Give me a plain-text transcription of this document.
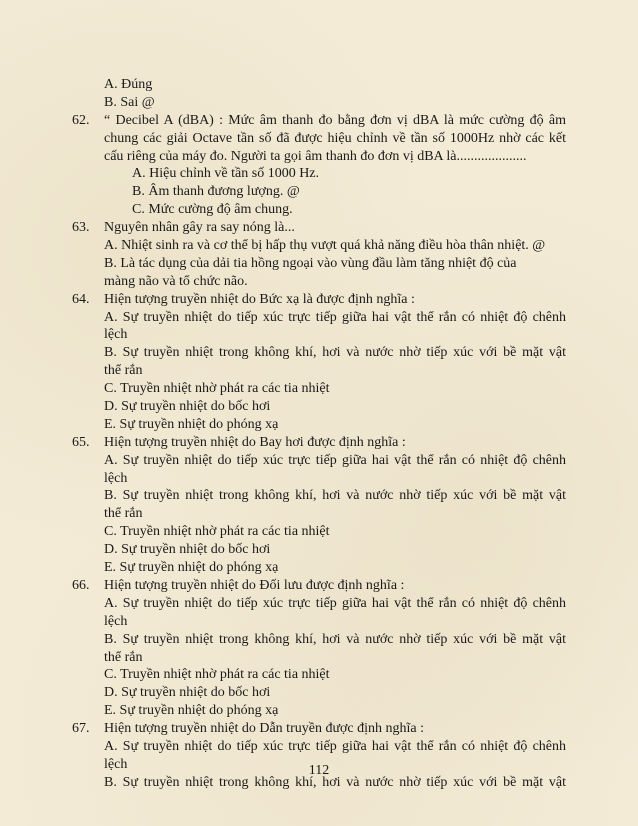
A. Đúng
B. Sai @
62. “ Decibel A (dBA) : Mức âm thanh đo bằng đơn vị dBA là mức cường độ âm
chung các giải Octave tần số đã được hiệu chỉnh về tần số 1000Hz nhờ các kết
cấu riêng của máy đo. Người ta gọi âm thanh đo đơn vị dBA là....................
A. Hiệu chỉnh về tần số 1000 Hz.
B. Âm thanh đương lượng. @
C. Mức cường độ âm chung.
63. Nguyên nhân gây ra say nóng là...
A. Nhiệt sinh ra và cơ thể bị hấp thụ vượt quá khả năng điều hòa thân nhiệt. @
B. Là tác dụng của dải tia hồng ngoại vào vùng đầu làm tăng nhiệt độ của
màng não và tổ chức não.
64. Hiện tượng truyền nhiệt do Bức xạ là được định nghĩa :
A. Sự truyền nhiệt do tiếp xúc trực tiếp giữa hai vật thể rắn có nhiệt độ chênh
lệch
B. Sự truyền nhiệt trong không khí, hơi và nước nhờ tiếp xúc với bề mặt vật
thể rắn
C. Truyền nhiệt nhờ phát ra các tia nhiệt
D. Sự truyền nhiệt do bốc hơi
E. Sự truyền nhiệt do phóng xạ
65. Hiện tượng truyền nhiệt do Bay hơi được định nghĩa :
A. Sự truyền nhiệt do tiếp xúc trực tiếp giữa hai vật thể rắn có nhiệt độ chênh
lệch
B. Sự truyền nhiệt trong không khí, hơi và nước nhờ tiếp xúc với bề mặt vật
thể rắn
C. Truyền nhiệt nhờ phát ra các tia nhiệt
D. Sự truyền nhiệt do bốc hơi
E. Sự truyền nhiệt do phóng xạ
66. Hiện tượng truyền nhiệt do Đối lưu được định nghĩa :
A. Sự truyền nhiệt do tiếp xúc trực tiếp giữa hai vật thể rắn có nhiệt độ chênh
lệch
B. Sự truyền nhiệt trong không khí, hơi và nước nhờ tiếp xúc với bề mặt vật
thể rắn
C. Truyền nhiệt nhờ phát ra các tia nhiệt
D. Sự truyền nhiệt do bốc hơi
E. Sự truyền nhiệt do phóng xạ
67. Hiện tượng truyền nhiệt do Dẫn truyền được định nghĩa :
A. Sự truyền nhiệt do tiếp xúc trực tiếp giữa hai vật thể rắn có nhiệt độ chênh
lệch
B. Sự truyền nhiệt trong không khí, hơi và nước nhờ tiếp xúc với bề mặt vật
112
